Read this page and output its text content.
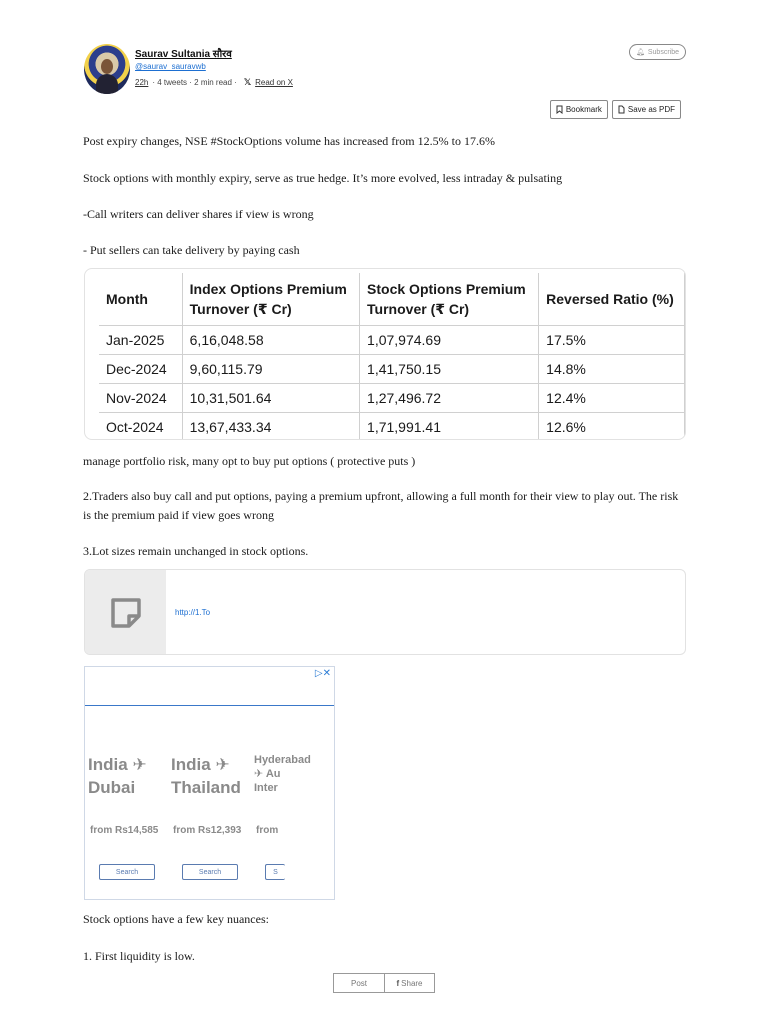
Saurav Sultania सौरव
@saurav_sauravwb
22h · 4 tweets · 2 min read · 𝕏 Read on X
🔔︎ Subscribe
Bookmark	Save as PDF
Post expiry changes, NSE #StockOptions volume has increased from 12.5% to 17.6%
Stock options with monthly expiry, serve as true hedge. It’s more evolved, less intraday & pulsating
-Call writers can deliver shares if view is wrong
- Put sellers can take delivery by paying cash
Month	Index Options Premium Turnover (₹ Cr)	Stock Options Premium Turnover (₹ Cr)	Reversed Ratio (%)
Jan-2025	6,16,048.58	1,07,974.69	17.5%
Dec-2024	9,60,115.79	1,41,750.15	14.8%
Nov-2024	10,31,501.64	1,27,496.72	12.4%
Oct-2024	13,67,433.34	1,71,991.41	12.6%
manage portfolio risk, many opt to buy put options ( protective puts )
2.Traders also buy call and put options, paying a premium upfront, allowing a full month for their view to play out. The risk is the premium paid if view goes wrong
3.Lot sizes remain unchanged in stock options.
http://1.To
▷✕
India ✈
Dubai
India ✈
Thailand
Hyderabad
✈ Au
Inter
from Rs14,585 from Rs12,393 from
Search	Search	S
Stock options have a few key nuances:
1. First liquidity is low.
Post	f Share
